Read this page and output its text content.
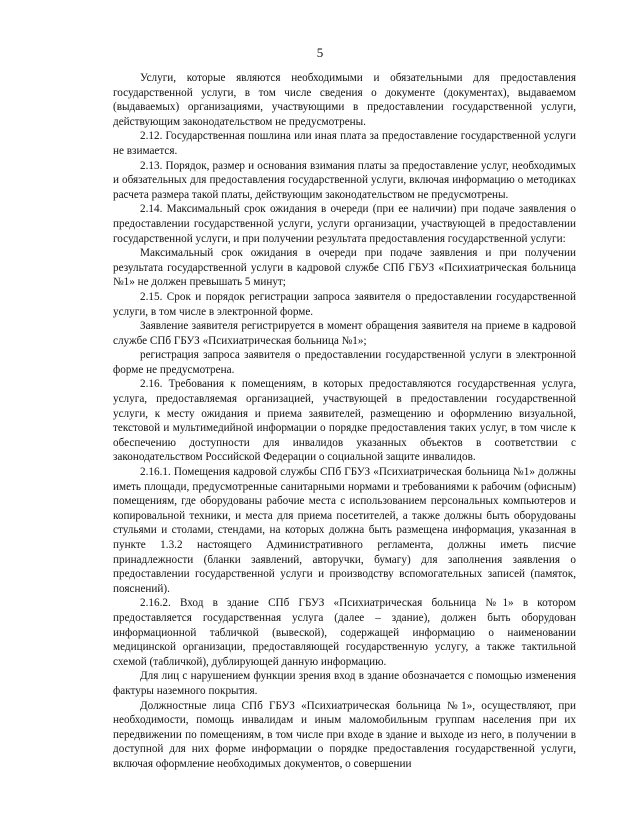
5

Услуги, которые являются необходимыми и обязательными для предоставления государственной услуги, в том числе сведения о документе (документах), выдаваемом (выдаваемых) организациями, участвующими в предоставлении государственной услуги, действующим законодательством не предусмотрены.

2.12. Государственная пошлина или иная плата за предоставление государственной услуги не взимается.

2.13. Порядок, размер и основания взимания платы за предоставление услуг, необходимых и обязательных для предоставления государственной услуги, включая информацию о методиках расчета размера такой платы, действующим законодательством не предусмотрены.

2.14. Максимальный срок ожидания в очереди (при ее наличии) при подаче заявления о предоставлении государственной услуги, услуги организации, участвующей в предоставлении государственной услуги, и при получении результата предоставления государственной услуги:

Максимальный срок ожидания в очереди при подаче заявления и при получении результата государственной услуги в кадровой службе СПб ГБУЗ «Психиатрическая больница №1» не должен превышать 5 минут;

2.15. Срок и порядок регистрации запроса заявителя о предоставлении государственной услуги, в том числе в электронной форме.

Заявление заявителя регистрируется в момент обращения заявителя на приеме в кадровой службе СПб ГБУЗ «Психиатрическая больница №1»;

регистрация запроса заявителя о предоставлении государственной услуги в электронной форме не предусмотрена.

2.16. Требования к помещениям, в которых предоставляются государственная услуга, услуга, предоставляемая организацией, участвующей в предоставлении государственной услуги, к месту ожидания и приема заявителей, размещению и оформлению визуальной, текстовой и мультимедийной информации о порядке предоставления таких услуг, в том числе к обеспечению доступности для инвалидов указанных объектов в соответствии с законодательством Российской Федерации о социальной защите инвалидов.

2.16.1. Помещения кадровой службы СПб ГБУЗ «Психиатрическая больница №1» должны иметь площади, предусмотренные санитарными нормами и требованиями к рабочим (офисным) помещениям, где оборудованы рабочие места с использованием персональных компьютеров и копировальной техники, и места для приема посетителей, а также должны быть оборудованы стульями и столами, стендами, на которых должна быть размещена информация, указанная в пункте 1.3.2 настоящего Административного регламента, должны иметь писчие принадлежности (бланки заявлений, авторучки, бумагу) для заполнения заявления о предоставлении государственной услуги и производству вспомогательных записей (памяток, пояснений).

2.16.2. Вход в здание СПб ГБУЗ «Психиатрическая больница №1» в котором предоставляется государственная услуга (далее – здание), должен быть оборудован информационной табличкой (вывеской), содержащей информацию о наименовании медицинской организации, предоставляющей государственную услугу, а также тактильной схемой (табличкой), дублирующей данную информацию.

Для лиц с нарушением функции зрения вход в здание обозначается с помощью изменения фактуры наземного покрытия.

Должностные лица СПб ГБУЗ «Психиатрическая больница №1», осуществляют, при необходимости, помощь инвалидам и иным маломобильным группам населения при их передвижении по помещениям, в том числе при входе в здание и выходе из него, в получении в доступной для них форме информации о порядке предоставления государственной услуги, включая оформление необходимых документов, о совершении
